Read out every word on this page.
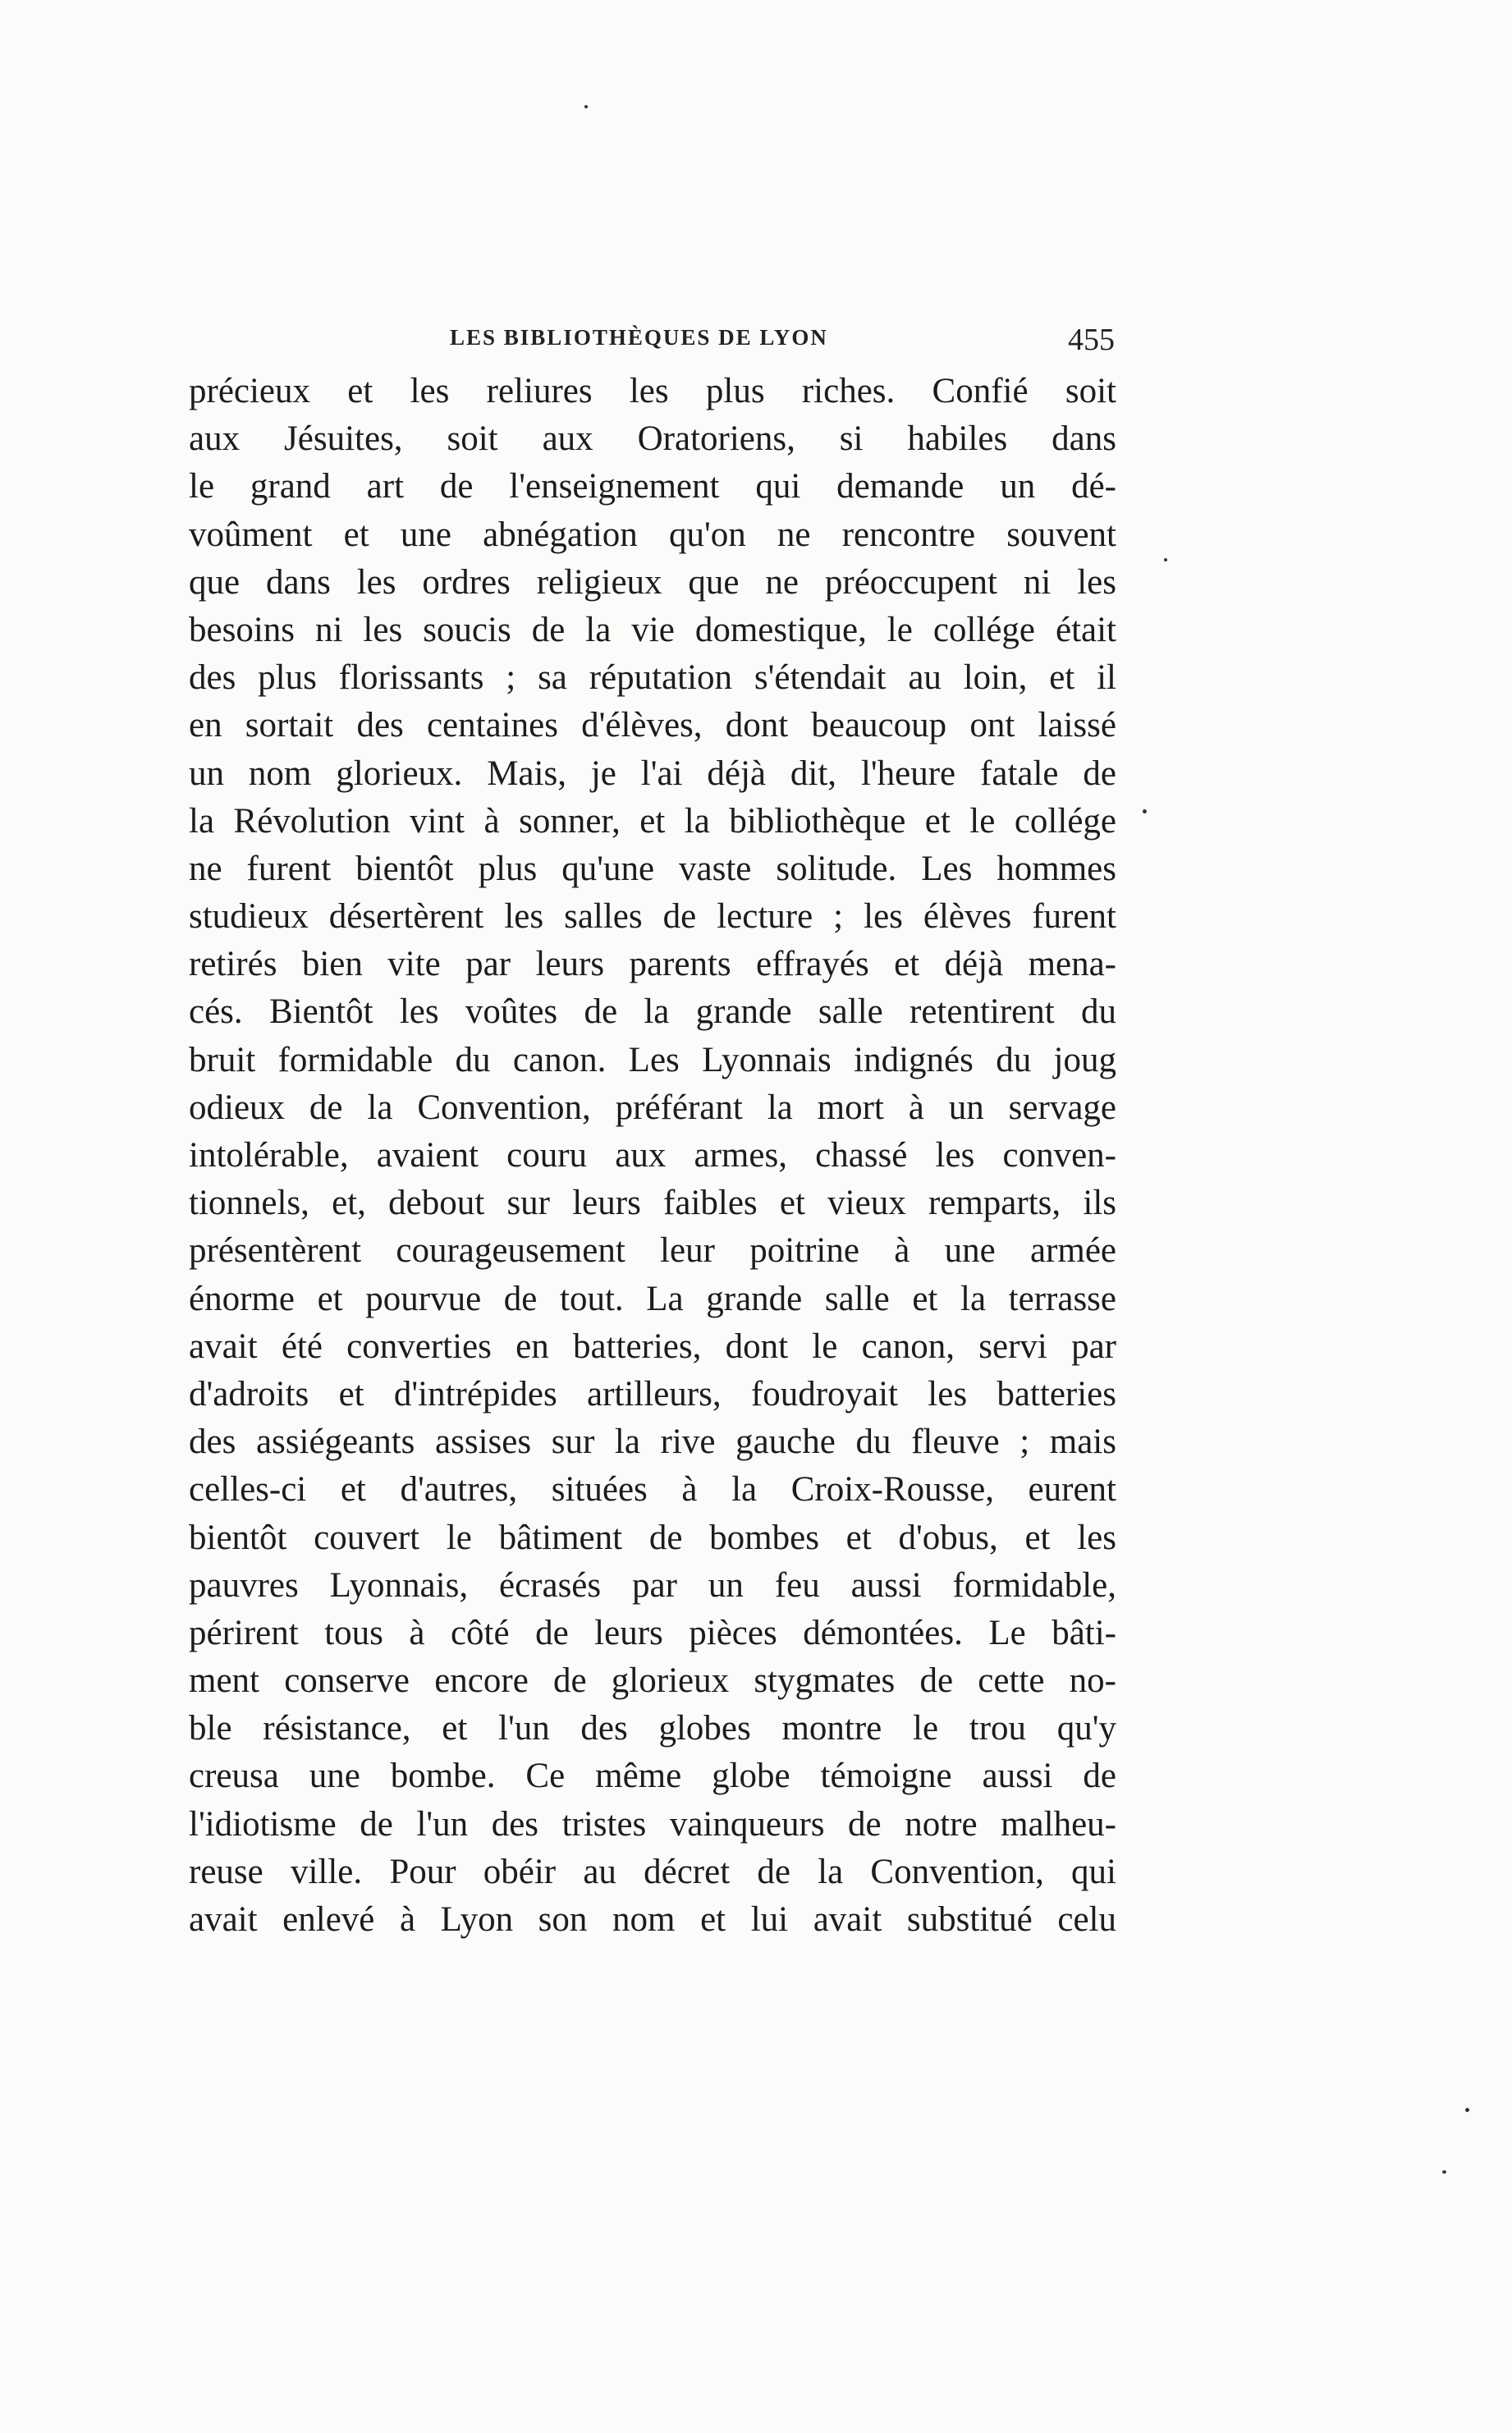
LES BIBLIOTHÈQUES DE LYON	455
précieux et les reliures les plus riches. Confié soit
aux Jésuites, soit aux Oratoriens, si habiles dans
le grand art de l'enseignement qui demande un dé-
voûment et une abnégation qu'on ne rencontre souvent
que dans les ordres religieux que ne préoccupent ni les
besoins ni les soucis de la vie domestique, le collége était
des plus florissants ; sa réputation s'étendait au loin, et il
en sortait des centaines d'élèves, dont beaucoup ont laissé
un nom glorieux. Mais, je l'ai déjà dit, l'heure fatale de
la Révolution vint à sonner, et la bibliothèque et le collége
ne furent bientôt plus qu'une vaste solitude. Les hommes
studieux désertèrent les salles de lecture ; les élèves furent
retirés bien vite par leurs parents effrayés et déjà mena-
cés. Bientôt les voûtes de la grande salle retentirent du
bruit formidable du canon. Les Lyonnais indignés du joug
odieux de la Convention, préférant la mort à un servage
intolérable, avaient couru aux armes, chassé les conven-
tionnels, et, debout sur leurs faibles et vieux remparts, ils
présentèrent courageusement leur poitrine à une armée
énorme et pourvue de tout. La grande salle et la terrasse
avait été converties en batteries, dont le canon, servi par
d'adroits et d'intrépides artilleurs, foudroyait les batteries
des assiégeants assises sur la rive gauche du fleuve ; mais
celles-ci et d'autres, situées à la Croix-Rousse, eurent
bientôt couvert le bâtiment de bombes et d'obus, et les
pauvres Lyonnais, écrasés par un feu aussi formidable,
périrent tous à côté de leurs pièces démontées. Le bâti-
ment conserve encore de glorieux stygmates de cette no-
ble résistance, et l'un des globes montre le trou qu'y
creusa une bombe. Ce même globe témoigne aussi de
l'idiotisme de l'un des tristes vainqueurs de notre malheu-
reuse ville. Pour obéir au décret de la Convention, qui
avait enlevé à Lyon son nom et lui avait substitué celu
